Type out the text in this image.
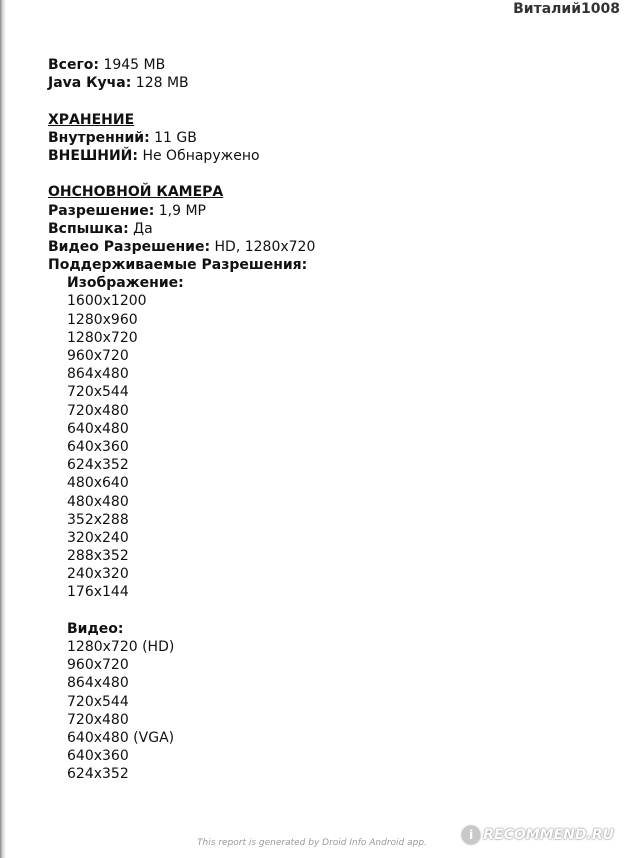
Виталий1008
Всего: 1945 MB
Java Куча: 128 MB
ХРАНЕНИЕ
Внутренний: 11 GB
ВНЕШНИЙ: Не Обнаружено
ОНСНОВНОЙ КАМЕРА
Разрешение: 1,9 MP
Вспышка: Да
Видео Разрешение: HD, 1280x720
Поддерживаемые Разрешения:
Изображение:
1600x1200
1280x960
1280x720
960x720
864x480
720x544
720x480
640x480
640x360
624x352
480x640
480x480
352x288
320x240
288x352
240x320
176x144
Видео:
1280x720 (HD)
960x720
864x480
720x544
720x480
640x480 (VGA)
640x360
624x352
This report is generated by Droid Info Android app.
i RECOMMEND.RU
